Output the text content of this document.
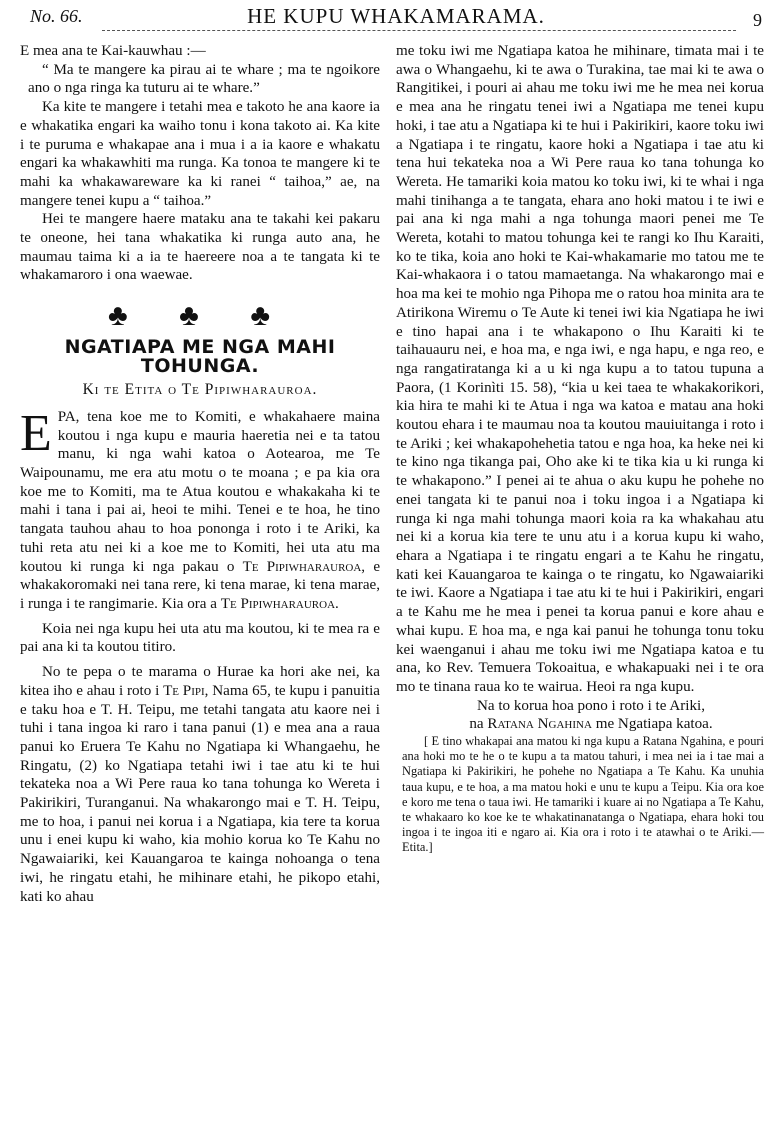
No. 66.	HE KUPU WHAKAMARAMA.	9

E mea ana te Kai-kauwhau :—

“ Ma te mangere ka pirau ai te whare ; ma te ngoikore ano o nga ringa ka tuturu ai te whare.”

Ka kite te mangere i tetahi mea e takoto he ana kaore ia e whakatika engari ka waiho tonu i kona takoto ai. Ka kite i te puruma e whakapae ana i mua i a ia kaore e whakatu engari ka whakawhiti ma runga. Ka tonoa te mangere ki te mahi ka whakawareware ka ki ranei “ taihoa,” ae, na mangere tenei kupu a “ taihoa.”

Hei te mangere haere mataku ana te takahi kei pakaru te oneone, hei tana whakatika ki runga auto ana, he maumau taima ki a ia te haereere noa a te tangata ki te whakamaroro i ona waewae.

♣ ♣ ♣
NGATIAPA ME NGA MAHI TOHUNGA.
Ki te Etita o Te Pipiwharauroa.

EPA, tena koe me to Komiti, e whakahaere maina koutou i nga kupu e mauria haeretia nei e ta tatou manu, ki nga wahi katoa o Aotearoa, me Te Waipounamu, me era atu motu o te moana ; e pa kia ora koe me to Komiti, ma te Atua koutou e whakakaha ki te mahi i tana i pai ai, heoi te mihi. Tenei e te hoa, he tino tangata tauhou ahau to hoa pononga i roto i te Ariki, ka tuhi reta atu nei ki a koe me to Komiti, hei uta atu ma koutou ki runga ki nga pakau o Te Pipiwharauroa, e whakakoromaki nei tana rere, ki tena marae, ki tena marae, i runga i te rangimarie. Kia ora a Te Pipiwharauroa.

Koia nei nga kupu hei uta atu ma koutou, ki te mea ra e pai ana ki ta koutou titiro.

No te pepa o te marama o Hurae ka hori ake nei, ka kitea iho e ahau i roto i Te Pipi, Nama 65, te kupu i panuitia e taku hoa e T. H. Teipu, me tetahi tangata atu kaore nei i tuhi i tana ingoa ki raro i tana panui (1) e mea ana a raua panui ko Eruera Te Kahu no Ngatiapa ki Whangaehu, he Ringatu, (2) ko Ngatiapa tetahi iwi i tae atu ki te hui tekateka noa a Wi Pere raua ko tana tohunga ko Wereta i Pakirikiri, Turanganui. Na whakarongo mai e T. H. Teipu, me to hoa, i panui nei korua i a Ngatiapa, kia tere ta korua unu i enei kupu ki waho, kia mohio korua ko Te Kahu no Ngawaiariki, kei Kauangaroa te kainga nohoanga o tena iwi, he ringatu etahi, he mihinare etahi, he pikopo etahi, kati ko ahau

me toku iwi me Ngatiapa katoa he mihinare, timata mai i te awa o Whangaehu, ki te awa o Turakina, tae mai ki te awa o Rangitikei, i pouri ai ahau me toku iwi me he mea nei korua e mea ana he ringatu tenei iwi a Ngatiapa me tenei kupu hoki, i tae atu a Ngatiapa ki te hui i Pakirikiri, kaore toku iwi a Ngatiapa i te ringatu, kaore hoki a Ngatiapa i tae atu ki tena hui tekateka noa a Wi Pere raua ko tana tohunga ko Wereta. He tamariki koia matou ko toku iwi, ki te whai i nga mahi tinihanga a te tangata, ehara ano hoki matou i te iwi e pai ana ki nga mahi a nga tohunga maori penei me Te Wereta, kotahi to matou tohunga kei te rangi ko Ihu Karaiti, ko te tika, koia ano hoki te Kai-whakamarie mo tatou me te Kai-whakaora i o tatou mamaetanga. Na whakarongo mai e hoa ma kei te mohio nga Pihopa me o ratou hoa minita ara te Atirikona Wiremu o Te Aute ki tenei iwi kia Ngatiapa he iwi e tino hapai ana i te whakapono o Ihu Karaiti ki te taihauauru nei, e hoa ma, e nga iwi, e nga hapu, e nga reo, e nga rangatiratanga ki a u ki nga kupu a to tatou tupuna a Paora, (1 Korinìti 15. 58), “kia u kei taea te whakakorikori, kia hira te mahi ki te Atua i nga wa katoa e matau ana hoki koutou ehara i te maumau noa ta koutou mauiuitanga i roto i te Ariki ; kei whakapohehetia tatou e nga hoa, ka heke nei ki te kino nga tikanga pai, Oho ake ki te tika kia u ki runga ki te whakapono.” I penei ai te ahua o aku kupu he pohehe no enei tangata ki te panui noa i toku ingoa i a Ngatiapa ki runga ki nga mahi tohunga maori koia ra ka whakahau atu nei ki a korua kia tere te unu atu i a korua kupu ki waho, ehara a Ngatiapa i te ringatu engari a te Kahu he ringatu, kati kei Kauangaroa te kainga o te ringatu, ko Ngawaiariki te iwi. Kaore a Ngatiapa i tae atu ki te hui i Pakirikiri, engari a te Kahu me he mea i penei ta korua panui e kore ahau e whai kupu. E hoa ma, e nga kai panui he tohunga tonu toku kei waenganui i ahau me toku iwi me Ngatiapa katoa e tu ana, ko Rev. Temuera Tokoaitua, e whakapuaki nei i te ora mo te tinana raua ko te wairua. Heoi ra nga kupu.

Na to korua hoa pono i roto i te Ariki,

na Ratana Ngahina me Ngatiapa katoa.

[ E tino whakapai ana matou ki nga kupu a Ratana Ngahina, e pouri ana hoki mo te he o te kupu a ta matou tahuri, i mea nei ia i tae mai a Ngatiapa ki Pakirikiri, he pohehe no Ngatiapa a Te Kahu. Ka unuhia taua kupu, e te hoa, a ma matou hoki e unu te kupu a Teipu. Kia ora koe e koro me tena o taua iwi. He tamariki i kuare ai no Ngatiapa a Te Kahu, te whakaaro ko koe ke te whakatinanatanga o Ngatiapa, ehara hoki tou ingoa i te ingoa iti e ngaro ai. Kia ora i roto i te atawhai o te Ariki.—Etita.]
